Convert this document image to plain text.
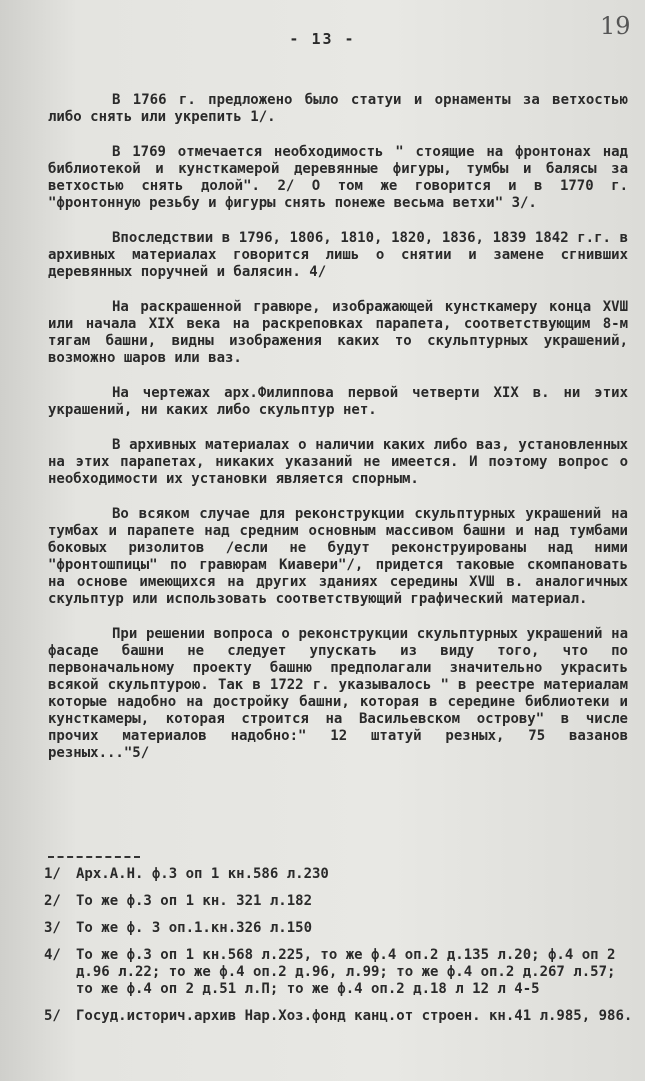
- 13 -	19

В 1766 г. предложено было статуи и орнаменты за ветхостью либо снять или укрепить 1/.

В 1769 отмечается необходимость " стоящие на фронтонах над библиотекой и кунсткамерой деревянные фигуры, тумбы и балясы за ветхостью снять долой". 2/ О том же говорится и в 1770 г. "фронтонную резьбу и фигуры снять понеже весьма ветхи" 3/.

Впоследствии в 1796, 1806, 1810, 1820, 1836, 1839 1842 г.г. в архивных материалах говорится лишь о снятии и замене сгнивших деревянных поручней и балясин. 4/

На раскрашенной гравюре, изображающей кунсткамеру конца ХVШ или начала XIX века на раскреповках парапета, соответствующим 8-м тягам башни, видны изображения каких то скульптурных украшений, возможно шаров или ваз.

На чертежах арх.Филиппова первой четверти XIX в. ни этих украшений, ни каких либо скульптур нет.

В архивных материалах о наличии каких либо ваз, установленных на этих парапетах, никаких указаний не имеется. И поэтому вопрос о необходимости их установки является спорным.

Во всяком случае для реконструкции скульптурных украшений на тумбах и парапете над средним основным массивом башни и над тумбами боковых ризолитов /если не будут реконструированы над ними "фронтошпицы" по гравюрам Киавери"/, придется таковые скомпановать на основе имеющихся на других зданиях середины ХVШ в. аналогичных скульптур или использовать соответствующий графический материал.

При решении вопроса о реконструкции скульптурных украшений на фасаде башни не следует упускать из виду того, что по первоначальному проекту башню предполагали значительно украсить всякой скульптурою. Так в 1722 г. указывалось " в реестре материалам которые надобно на достройку башни, которая в середине библиотеки и кунсткамеры, которая строится на Васильевском острову" в числе прочих материалов надобно:" 12 штатуй резных, 75 вазанов резных..."5/

1/ Арх.А.Н. ф.3 оп 1 кн.586 л.230
2/ То же ф.3 оп 1 кн. 321 л.182
3/ То же ф. 3 оп.1.кн.326 л.150
4/ То же ф.3 оп 1 кн.568 л.225, то же ф.4 оп.2 д.135 л.20; ф.4 оп 2 д.96 л.22; то же ф.4 оп.2 д.96, л.99; то же ф.4 оп.2 д.267 л.57; то же ф.4 оп 2 д.51 л.П; то же ф.4 оп.2 д.18 л 12 л 4-5
5/ Госуд.историч.архив Нар.Хоз.фонд канц.от строен. кн.41 л.985, 986.
